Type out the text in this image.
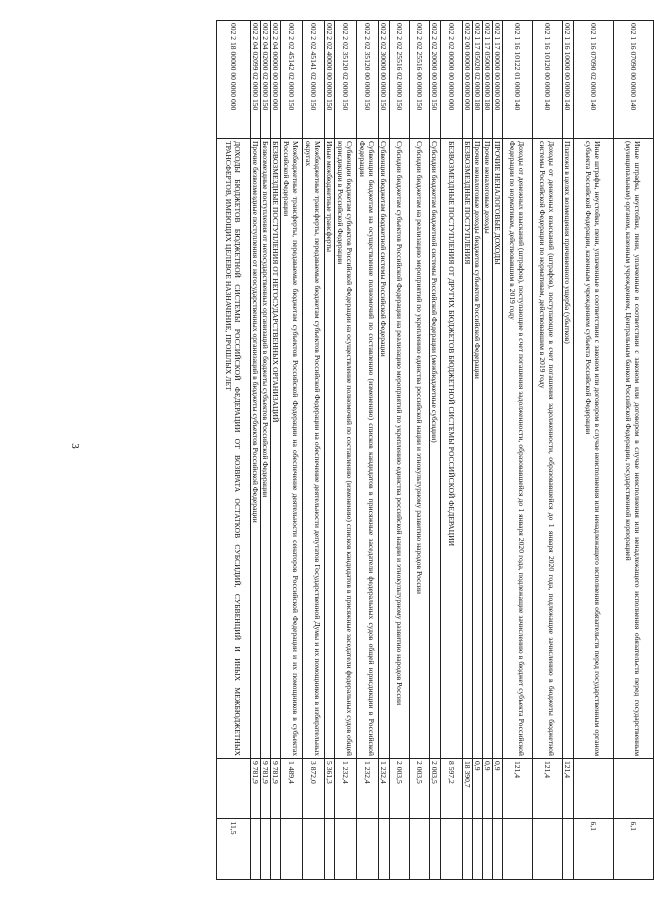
3
002 1 16 07090 00 0000 140	Иные штрафы, неустойки, пени, уплаченные в соответствии с законом или договором в случае неисполнения или ненадлежащего исполнения обязательств перед государственным (муниципальным) органом, казенным учреждением, Центральным банком Российской Федерации, государственной корпорацией		6,1
002 1 16 07090 02 0000 140	Иные штрафы, неустойки, пени, уплаченные в соответствии с законом или договором в случае неисполнения или ненадлежащего исполнения обязательств перед государственным органом субъекта Российской Федерации, казенным учреждением субъекта Российской Федерации		6,1
002 1 16 10000 00 0000 140	Платежи в целях возмещения причиненного ущерба (убытков)	121,4	
002 1 16 10120 00 0000 140	Доходы от денежных взысканий (штрафов), поступающие в счет погашения задолженности, образовавшейся до 1 января 2020 года, подлежащие зачислению в бюджеты бюджетной системы Российской Федерации по нормативам, действовавшим в 2019 году	121,4	
002 1 16 10122 01 0000 140	Доходы от денежных взысканий (штрафов), поступающие в счет погашения задолженности, образовавшейся до 1 января 2020 года, подлежащие зачислению в бюджет субъекта Российской Федерации по нормативам, действовавшим в 2019 году	121,4	
002 1 17 00000 00 0000 000	ПРОЧИЕ НЕНАЛОГОВЫЕ ДОХОДЫ	0,9	
002 1 17 05000 00 0000 180	Прочие неналоговые доходы	0,9	
002 1 17 05020 02 0000 180	Прочие неналоговые доходы бюджетов субъектов Российской Федерации	0,9	
002 2 00 00000 00 0000 000	БЕЗВОЗМЕЗДНЫЕ ПОСТУПЛЕНИЯ	18 390,7	
002 2 02 00000 00 0000 000	БЕЗВОЗМЕЗДНЫЕ ПОСТУПЛЕНИЯ ОТ ДРУГИХ БЮДЖЕТОВ БЮДЖЕТНОЙ СИСТЕМЫ РОССИЙСКОЙ ФЕДЕРАЦИИ	8 597,2	
002 2 02 20000 00 0000 150	Субсидии бюджетам бюджетной системы Российской Федерации (межбюджетные субсидии)	2 003,5	
002 2 02 25516 00 0000 150	Субсидии бюджетам на реализацию мероприятий по укреплению единства российской нации и этнокультурному развитию народов России	2 003,5	
002 2 02 25516 02 0000 150	Субсидии бюджетам субъектов Российской Федерации на реализацию мероприятий по укреплению единства российской нации и этнокультурному развитию народов России	2 003,5	
002 2 02 30000 00 0000 150	Субвенции бюджетам бюджетной системы Российской Федерации	1 232,4	
002 2 02 35120 00 0000 150	Субвенции бюджетам на осуществление полномочий по составлению (изменению) списков кандидатов в присяжные заседатели федеральных судов общей юрисдикции в Российской Федерации	1 232,4	
002 2 02 35120 02 0000 150	Субвенции бюджетам субъектов Российской Федерации на осуществление полномочий по составлению (изменению) списков кандидатов в присяжные заседатели федеральных судов общей юрисдикции в Российской Федерации	1 232,4	
002 2 02 40000 00 0000 150	Иные межбюджетные трансферты	5 361,3	
002 2 02 45141 02 0000 150	Межбюджетные трансферты, передаваемые бюджетам субъектов Российской Федерации на обеспечение деятельности депутатов Государственной Думы и их помощников в избирательных округах	3 872,0	
002 2 02 45142 02 0000 150	Межбюджетные трансферты, передаваемые бюджетам субъектов Российской Федерации на обеспечение деятельности сенаторов Российской Федерации и их помощников в субъектах Российской Федерации	1 489,4	
002 2 04 00000 00 0000 000	БЕЗВОЗМЕЗДНЫЕ ПОСТУПЛЕНИЯ ОТ НЕГОСУДАРСТВЕННЫХ ОРГАНИЗАЦИЙ	9 781,9	
002 2 04 02000 02 0000 150	Безвозмездные поступления от негосударственных организаций в бюджеты субъектов Российской Федерации	9 781,9	
002 2 04 02099 02 0000 150	Прочие безвозмездные поступления от негосударственных организаций в бюджеты субъектов Российской Федерации	9 781,9	
002 2 18 00000 00 0000 000	ДОХОДЫ БЮДЖЕТОВ БЮДЖЕТНОЙ СИСТЕМЫ РОССИЙСКОЙ ФЕДЕРАЦИИ ОТ ВОЗВРАТА ОСТАТКОВ СУБСИДИЙ, СУБВЕНЦИЙ И ИНЫХ МЕЖБЮДЖЕТНЫХ ТРАНСФЕРТОВ, ИМЕЮЩИХ ЦЕЛЕВОЕ НАЗНАЧЕНИЕ, ПРОШЛЫХ ЛЕТ		11,5
